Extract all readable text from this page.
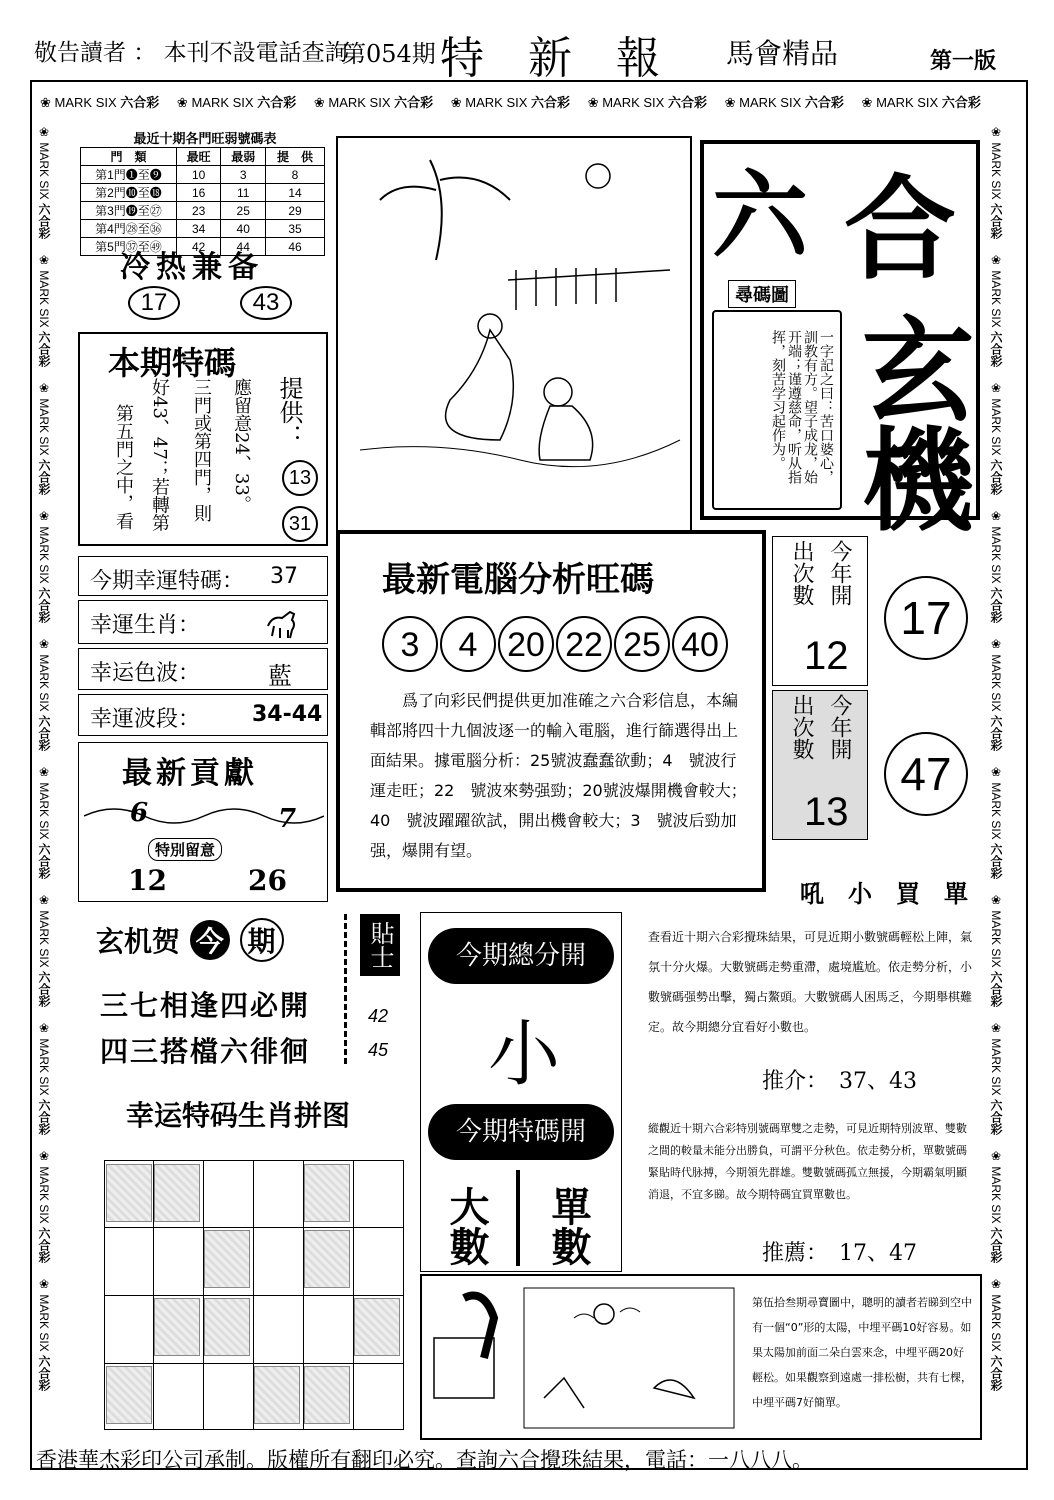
敬告讀者 ： 本刊不設電話查詢
第054期 特　新　報 馬會精品	第一版
❀ MARK SIX 六合彩 ❀ MARK SIX 六合彩 ❀ MARK SIX 六合彩 ❀ MARK SIX 六合彩 ❀ MARK SIX 六合彩 ❀ MARK SIX 六合彩 ❀ MARK SIX 六合彩
❀ MARK SIX 六合彩
❀ MARK SIX 六合彩
❀ MARK SIX 六合彩
❀ MARK SIX 六合彩
❀ MARK SIX 六合彩
❀ MARK SIX 六合彩
❀ MARK SIX 六合彩
❀ MARK SIX 六合彩
❀ MARK SIX 六合彩
❀ MARK SIX 六合彩
❀ MARK SIX 六合彩
❀ MARK SIX 六合彩
❀ MARK SIX 六合彩
❀ MARK SIX 六合彩
❀ MARK SIX 六合彩
❀ MARK SIX 六合彩
❀ MARK SIX 六合彩
❀ MARK SIX 六合彩
❀ MARK SIX 六合彩
❀ MARK SIX 六合彩
最近十期各門旺弱號碼表
門　類	最旺	最弱	提　供
第1門❶至❾	10	3	8
第2門❿至⓲	16	11	14
第3門⓳至㉗	23	25	29
第4門㉘至㊱	34	40	35
第5門㊲至㊾	42	44	46
冷热兼备
17	43
本期特碼
第五門之中，看 好43、47；若轉第 三門或第四門，則 應留意24、33。 提供：
13
31
今期幸運特碼： 37
幸運生肖：
幸运色波：	藍
幸運波段： 34-44
最新貢獻
6	7
特別留意
12	26
玄机贺 今 期
三七相逢四必開
四三搭檔六徘徊
貼士
42
45
幸运特码生肖拼图
六 合
玄
機
尋碼圖
一字記之曰：苦口婆心，訓教有方。望子成龙，始开端；谨遵慈命，听从指挥，刻苦学习起作为。
最新電腦分析旺碼
3 4 20 22 25 40
　　爲了向彩民們提供更加准確之六合彩信息，本編輯部將四十九個波逐一的輸入電腦，進行篩選得出上面結果。據電腦分析：25號波蠢蠢欲動；4　號波行運走旺；22　號波來勢强勁；20號波爆開機會較大；40　號波躍躍欲試，開出機會較大；3　號波后勁加强，爆開有望。
出次數 今年開
12
17
出次數 今年開
13
47
吼　小　買　單
查看近十期六合彩攪珠結果，可見近期小數號碼輕松上陣，氣氛十分火爆。大數號碼走勢重滯，處境尴尬。依走勢分析，小數號碼强勢出擊，獨占鰲頭。大數號碼人困馬乏，今期舉棋難定。故今期總分宜看好小數也。
推介：　37、43
今期總分開
小
今期特碼開
大數 單數
縱觀近十期六合彩特別號碼單雙之走勢，可見近期特別波單、雙數之間的較量未能分出勝負，可謂平分秋色。依走勢分析，單數號碼緊貼時代脉搏，今期領先群雄。雙數號碼孤立無援，今期霸氣明顯消退，不宜多睇。故今期特碼宜買單數也。
推薦：　17、47
第伍拾叁期尋寶圖中，聰明的讀者若睇到空中有一個“0”形的太陽，中埋平碼10好容易。如果太陽加前面二朵白雲來念，中埋平碼20好輕松。如果觀察到遠處一排松樹，共有七棵，中埋平碼7好簡單。
香港華杰彩印公司承制。版權所有翻印必究。查詢六合攪珠結果，電話：一八八八。
